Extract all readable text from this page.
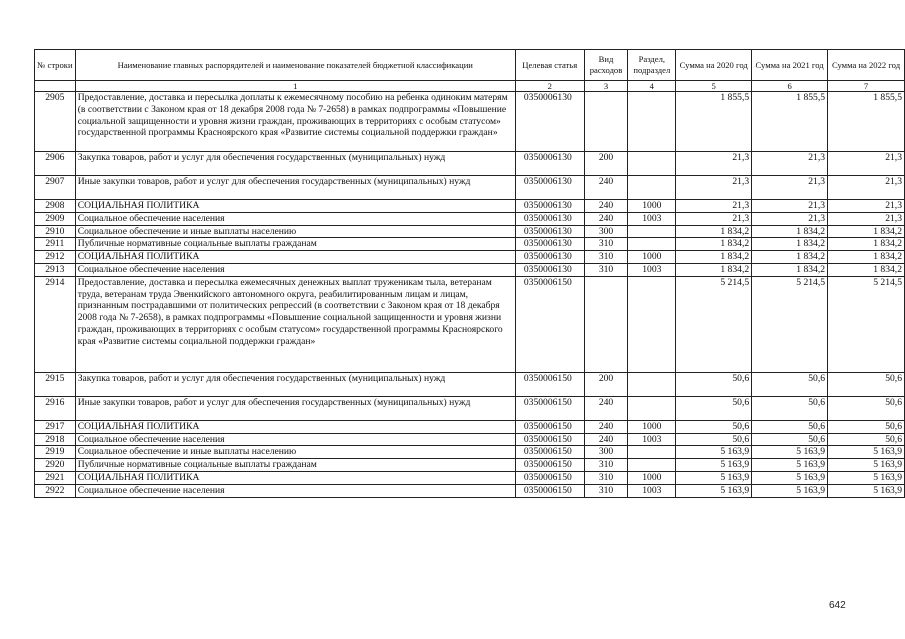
№ строки	Наименование главных распорядителей и наименование показателей бюджетной классификации	Целевая статья	Вид расходов	Раздел, подраздел	Сумма на 2020 год	Сумма на 2021 год	Сумма на 2022 год
	1	2	3	4	5	6	7
2905	Предоставление, доставка и пересылка доплаты к ежемесячному пособию на ребенка одиноким матерям (в соответствии с Законом края от 18 декабря 2008 года № 7-2658) в рамках подпрограммы «Повышение социальной защищенности и уровня жизни граждан, проживающих в территориях с особым статусом» государственной программы Красноярского края «Развитие системы социальной поддержки граждан»	0350006130			1 855,5	1 855,5	1 855,5
2906	Закупка товаров, работ и услуг для обеспечения государственных (муниципальных) нужд	0350006130	200		21,3	21,3	21,3
2907	Иные закупки товаров, работ и услуг для обеспечения государственных (муниципальных) нужд	0350006130	240		21,3	21,3	21,3
2908	СОЦИАЛЬНАЯ ПОЛИТИКА	0350006130	240	1000	21,3	21,3	21,3
2909	Социальное обеспечение населения	0350006130	240	1003	21,3	21,3	21,3
2910	Социальное обеспечение и иные выплаты населению	0350006130	300		1 834,2	1 834,2	1 834,2
2911	Публичные нормативные социальные выплаты гражданам	0350006130	310		1 834,2	1 834,2	1 834,2
2912	СОЦИАЛЬНАЯ ПОЛИТИКА	0350006130	310	1000	1 834,2	1 834,2	1 834,2
2913	Социальное обеспечение населения	0350006130	310	1003	1 834,2	1 834,2	1 834,2
2914	Предоставление, доставка и пересылка ежемесячных денежных выплат труженикам тыла, ветеранам труда, ветеранам труда Эвенкийского автономного округа, реабилитированным лицам и лицам, признанным пострадавшими от политических репрессий (в соответствии с Законом края от 18 декабря 2008 года № 7-2658), в рамках подпрограммы «Повышение социальной защищенности и уровня жизни граждан, проживающих в территориях с особым статусом» государственной программы Красноярского края «Развитие системы социальной поддержки граждан»	0350006150			5 214,5	5 214,5	5 214,5
2915	Закупка товаров, работ и услуг для обеспечения государственных (муниципальных) нужд	0350006150	200		50,6	50,6	50,6
2916	Иные закупки товаров, работ и услуг для обеспечения государственных (муниципальных) нужд	0350006150	240		50,6	50,6	50,6
2917	СОЦИАЛЬНАЯ ПОЛИТИКА	0350006150	240	1000	50,6	50,6	50,6
2918	Социальное обеспечение населения	0350006150	240	1003	50,6	50,6	50,6
2919	Социальное обеспечение и иные выплаты населению	0350006150	300		5 163,9	5 163,9	5 163,9
2920	Публичные нормативные социальные выплаты гражданам	0350006150	310		5 163,9	5 163,9	5 163,9
2921	СОЦИАЛЬНАЯ ПОЛИТИКА	0350006150	310	1000	5 163,9	5 163,9	5 163,9
2922	Социальное обеспечение населения	0350006150	310	1003	5 163,9	5 163,9	5 163,9
642
